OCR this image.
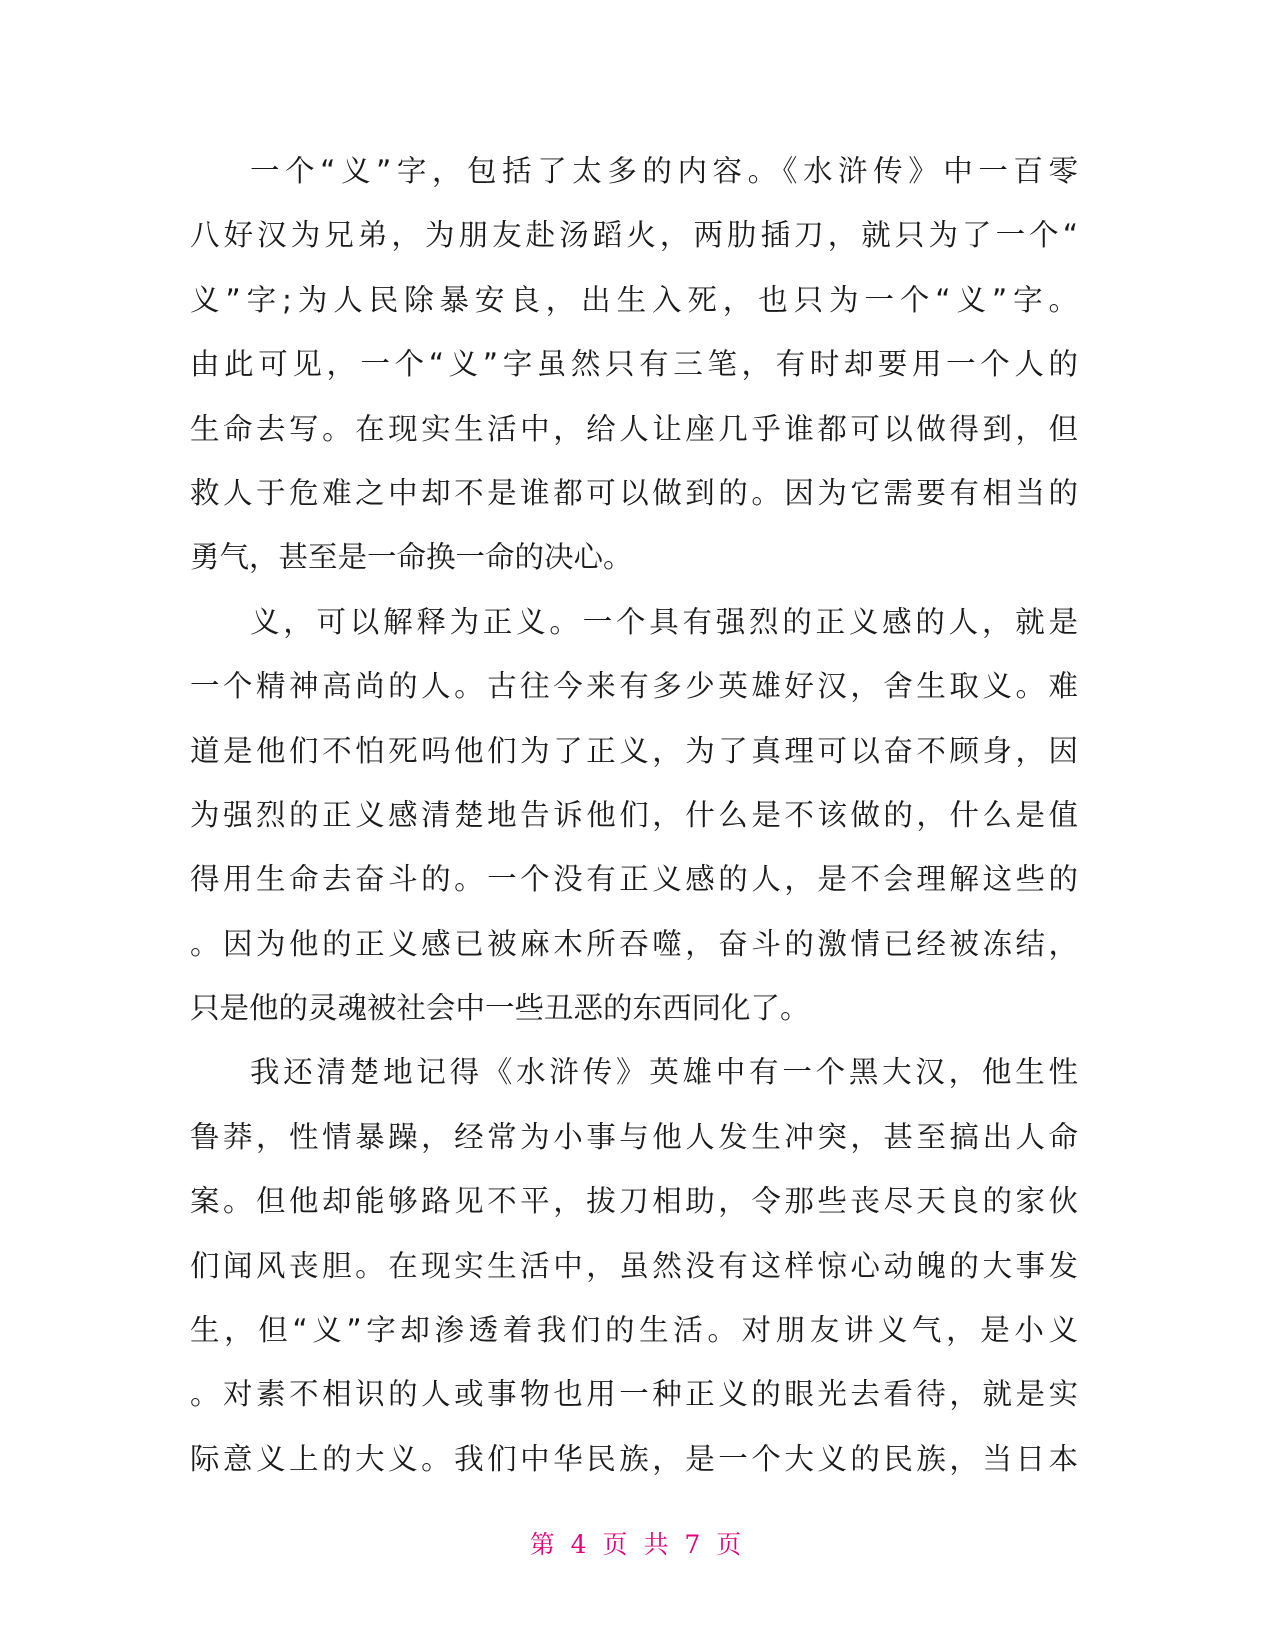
一个“义”字，包括了太多的内容。《水浒传》中一百零
八好汉为兄弟，为朋友赴汤蹈火，两肋插刀，就只为了一个“
义”字;为人民除暴安良，出生入死，也只为一个“义”字。
由此可见，一个“义”字虽然只有三笔，有时却要用一个人的
生命去写。在现实生活中，给人让座几乎谁都可以做得到，但
救人于危难之中却不是谁都可以做到的。因为它需要有相当的
勇气，甚至是一命换一命的决心。
义，可以解释为正义。一个具有强烈的正义感的人，就是
一个精神高尚的人。古往今来有多少英雄好汉，舍生取义。难
道是他们不怕死吗他们为了正义，为了真理可以奋不顾身，因
为强烈的正义感清楚地告诉他们，什么是不该做的，什么是值
得用生命去奋斗的。一个没有正义感的人，是不会理解这些的
。因为他的正义感已被麻木所吞噬，奋斗的激情已经被冻结，
只是他的灵魂被社会中一些丑恶的东西同化了。
我还清楚地记得《水浒传》英雄中有一个黑大汉，他生性
鲁莽，性情暴躁，经常为小事与他人发生冲突，甚至搞出人命
案。但他却能够路见不平，拔刀相助，令那些丧尽天良的家伙
们闻风丧胆。在现实生活中，虽然没有这样惊心动魄的大事发
生，但“义”字却渗透着我们的生活。对朋友讲义气，是小义
。对素不相识的人或事物也用一种正义的眼光去看待，就是实
际意义上的大义。我们中华民族，是一个大义的民族，当日本
第 4 页 共 7 页
